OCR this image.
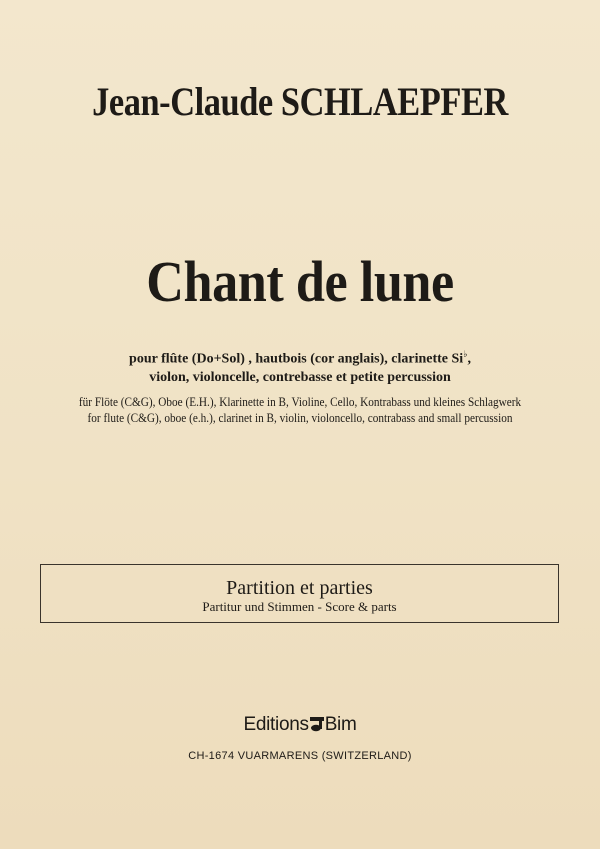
Jean-Claude SCHLAEPFER
Chant de lune
pour flûte (Do+Sol) , hautbois (cor anglais), clarinette Si♭,
violon, violoncelle, contrebasse et petite percussion
für Flöte (C&G), Oboe (E.H.), Klarinette in B, Violine, Cello, Kontrabass und kleines Schlagwerk
for flute (C&G), oboe (e.h.), clarinet in B, violin, violoncello, contrabass and small percussion
Partition et parties
Partitur und Stimmen - Score & parts
Editions Bim
CH-1674 VUARMARENS (SWITZERLAND)
